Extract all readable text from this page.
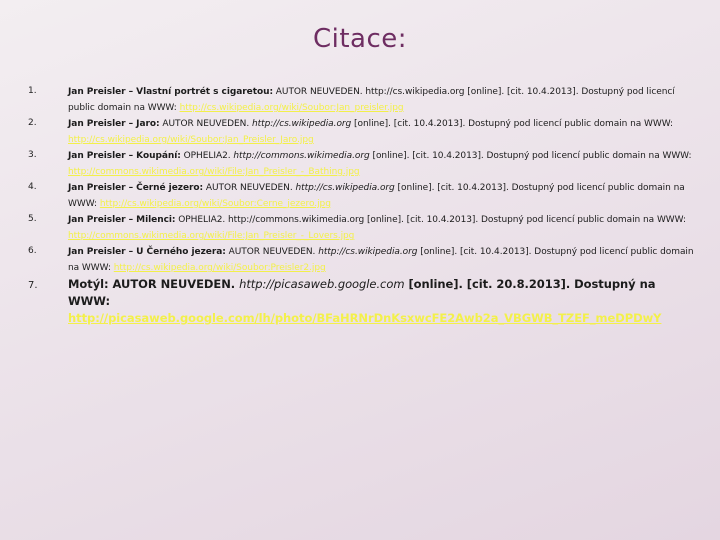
Citace:
1.	Jan Preisler – Vlastní portrét s cigaretou: AUTOR NEUVEDEN. http://cs.wikipedia.org [online]. [cit. 10.4.2013]. Dostupný pod licencí public domain na WWW: http://cs.wikipedia.org/wiki/Soubor:Jan_preisler.jpg
2.	Jan Preisler – Jaro: AUTOR NEUVEDEN. http://cs.wikipedia.org [online]. [cit. 10.4.2013]. Dostupný pod licencí public domain na WWW: http://cs.wikipedia.org/wiki/Soubor:Jan_Preisler_Jaro.jpg
3.	Jan Preisler – Koupání: OPHELIA2. http://commons.wikimedia.org [online]. [cit. 10.4.2013]. Dostupný pod licencí public domain na WWW: http://commons.wikimedia.org/wiki/File:Jan_Preisler_-_Bathing.jpg
4.	Jan Preisler – Černé jezero: AUTOR NEUVEDEN. http://cs.wikipedia.org [online]. [cit. 10.4.2013]. Dostupný pod licencí public domain na WWW: http://cs.wikipedia.org/wiki/Soubor:Cerne_jezero.jpg
5.	Jan Preisler – Milenci: OPHELIA2. http://commons.wikimedia.org [online]. [cit. 10.4.2013]. Dostupný pod licencí public domain na WWW: http://commons.wikimedia.org/wiki/File:Jan_Preisler_-_Lovers.jpg
6.	Jan Preisler – U Černého jezera: AUTOR NEUVEDEN. http://cs.wikipedia.org [online]. [cit. 10.4.2013]. Dostupný pod licencí public domain na WWW: http://cs.wikipedia.org/wiki/Soubor:Preisler2.jpg
7.	Motýl: AUTOR NEUVEDEN. http://picasaweb.google.com [online]. [cit. 20.8.2013]. Dostupný na WWW: http://picasaweb.google.com/lh/photo/BFaHRNrDnKsxwcFE2Awb2a_VBGWB_TZEF_meDPDwY
